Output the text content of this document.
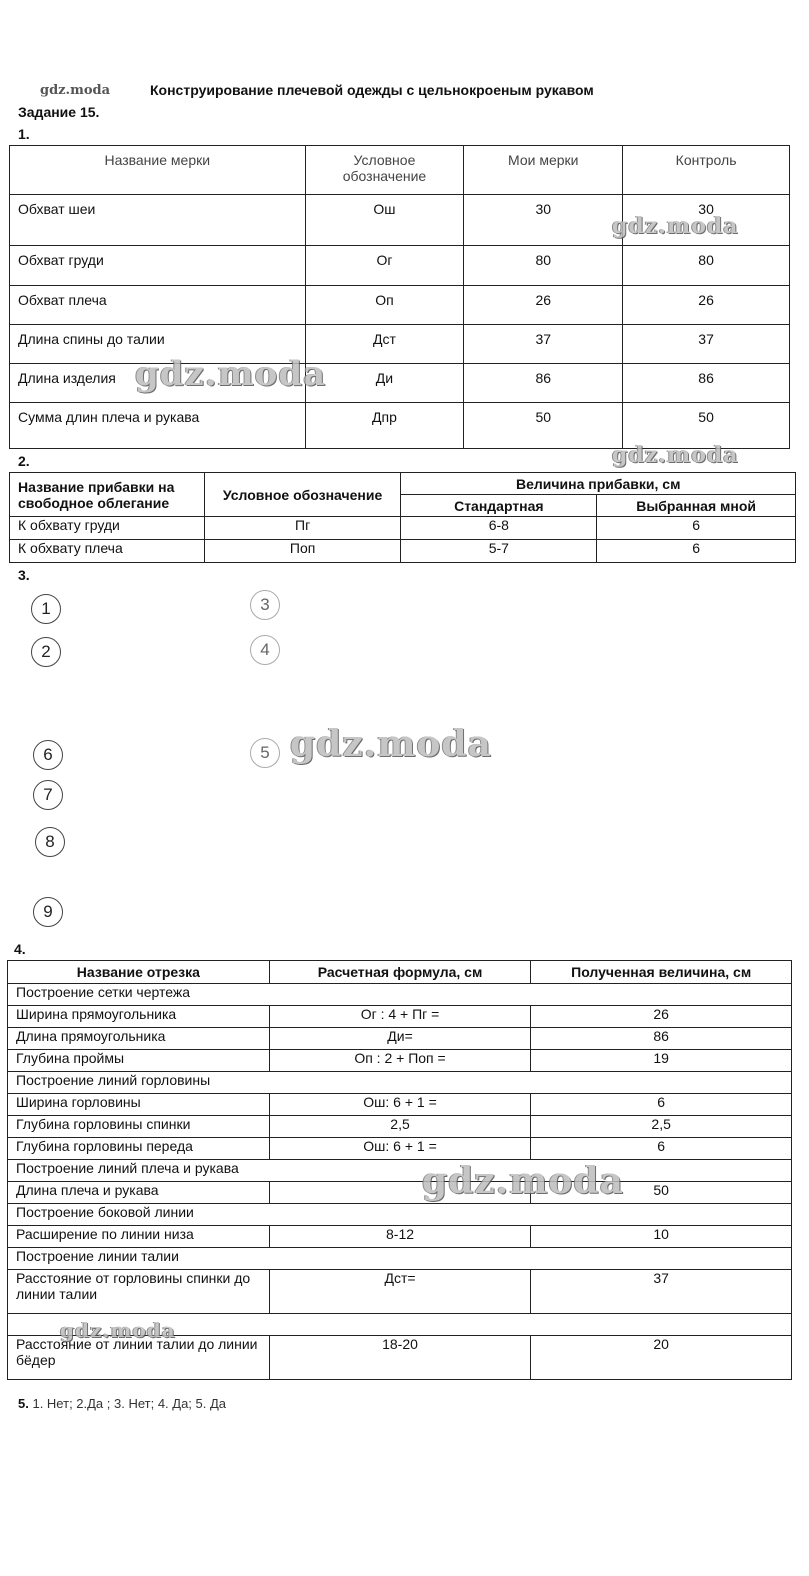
gdz.moda	Конструирование плечевой одежды с цельнокроеным рукавом
Задание 15.
1.
Название мерки	Условное обозначение	Мои мерки	Контроль
Обхват шеи	Ош	30	30
Обхват груди	Ог	80	80
Обхват плеча	Оп	26	26
Длина спины до талии	Дст	37	37
Длина изделия	Ди	86	86
Сумма длин плеча и рукава	Дпр	50	50
gdz.moda
gdz.moda
gdz.moda
2.
Название прибавки на свободное облегание	Условное обозначение	Величина прибавки, см	
		Стандартная	Выбранная мной
К обхвату груди	Пг	6-8	6
К обхвату плеча	Поп	5-7	6
3.
1
2
3
4
5
6
7
8
9
gdz.moda
4.
Название отрезка	Расчетная формула, см	Полученная величина, см
Построение сетки чертежа		
Ширина прямоугольника	Ог : 4 + Пг =	26
Длина прямоугольника	Ди=	86
Глубина проймы	Оп : 2 + Поп =	19
Построение линий горловины		
Ширина горловины	Ош: 6 + 1 =	6
Глубина горловины спинки	2,5	2,5
Глубина горловины переда	Ош: 6 + 1 =	6
Построение линий плеча и рукава		
Длина плеча и рукава		50
Построение боковой линии		
Расширение по линии низа	8-12	10
Построение линии талии		
Расстояние от горловины спинки до линии талии	Дст=	37

Расстояние от линии талии до линии бёдер	18-20	20
gdz.moda
gdz.moda
5. 1. Нет; 2.Да ; 3. Нет; 4. Да; 5. Да
